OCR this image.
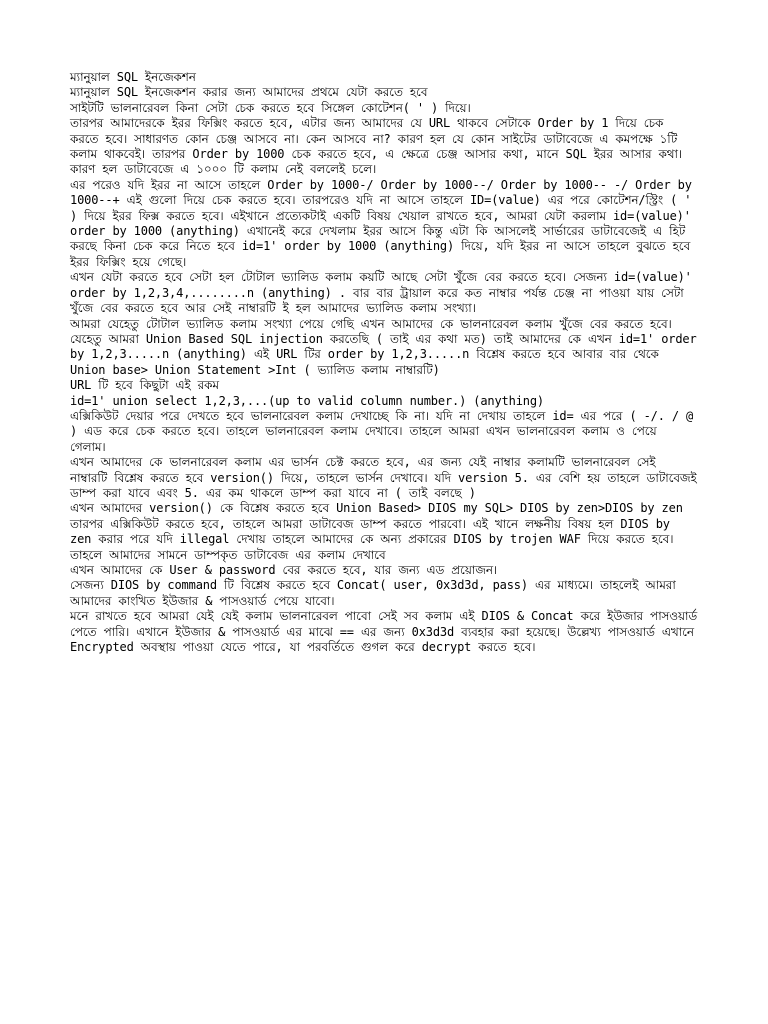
ম্যানুয়াল SQL ইনজেকশন

ম্যানুয়াল SQL ইনজেকশন করার জন্য আমাদের প্রথমে যেটা করতে হবে

সাইটটি ভালনারেবল কিনা সেটা চেক করতে হবে সিঙ্গেল কোটেশন( ' ) দিয়ে।

তারপর আমাদেরকে ইরর ফিক্সিং করতে হবে, এটার জন্য আমাদের যে URL থাকবে সেটাকে Order by 1 দিয়ে চেক করতে হবে। সাধারণত কোন চেঞ্জ আসবে না। কেন আসবে না? কারণ হল যে কোন সাইটের ডাটাবেজে এ কমপক্ষে ১টি কলাম থাকবেই। তারপর Order by 1000 চেক করতে হবে, এ ক্ষেত্রে চেঞ্জ আসার কথা, মানে SQL ইরর আসার কথা। কারণ হল ডাটাবেজে এ ১০০০ টি কলাম নেই বললেই চলে।

এর পরেও যদি ইরর না আসে তাহলে Order by 1000-/ Order by 1000--/ Order by 1000-- -/ Order by 1000--+ এই গুলো দিয়ে চেক করতে হবে। তারপরেও যদি না আসে তাহলে ID=(value) এর পরে কোটেশন/স্ট্রিং ( ' ) দিয়ে ইরর ফিক্স করতে হবে। এইখানে প্রত্যেকটাই একটি বিষয় খেয়াল রাখতে হবে, আমরা যেটা করলাম id=(value)' order by 1000 (anything) এখানেই করে দেখলাম ইরর আসে কিন্তু এটা কি আসলেই সার্ভারের ডাটাবেজেই এ হিট করছে কিনা চেক করে নিতে হবে id=1' order by 1000 (anything) দিয়ে, যদি ইরর না আসে তাহলে বুঝতে হবে ইরর ফিক্সিং হয়ে গেছে।

এখন যেটা করতে হবে সেটা হল টোটাল ভ্যালিড কলাম কয়টি আছে সেটা খুঁজে বের করতে হবে। সেজন্য id=(value)' order by 1,2,3,4,........n (anything) . বার বার ট্রায়াল করে কত নাম্বার পর্যন্ত চেঞ্জ না পাওয়া যায় সেটা খুঁজে বের করতে হবে আর সেই নাম্বারটি ই হল আমাদের ভ্যালিড কলাম সংখ্যা।

আমরা যেহেতু টোটাল ভ্যালিড কলাম সংখ্যা পেয়ে গেছি এখন আমাদের কে ভালনারেবল কলাম খুঁজে বের করতে হবে। যেহেতু আমরা Union Based SQL injection করতেছি ( তাই এর কথা মত) তাই আমাদের কে এখন id=1' order by 1,2,3.....n (anything) এই URL টির order by 1,2,3.....n বিশ্লেষ করতে হবে আবার বার থেকে Union base> Union Statement >Int ( ভ্যালিড কলাম নাম্বারটি)

URL টি হবে কিছুটা এই রকম

id=1' union select 1,2,3,...(up to valid column number.) (anything)

এক্সিকিউট দেয়ার পরে দেখতে হবে ভালনারেবল কলাম দেখাচ্ছে কি না। যদি না দেখায় তাহলে id= এর পরে ( -/. / @ ) এড করে চেক করতে হবে। তাহলে ভালনারেবল কলাম দেখাবে। তাহলে আমরা এখন ভালনারেবল কলাম ও পেয়ে গেলাম।

এখন আমাদের কে ভালনারেবল কলাম এর ভার্সন চেক্ট করতে হবে, এর জন্য যেই নাম্বার কলামটি ভালনারেবল সেই নাম্বারটি বিশ্লেষ করতে হবে version() দিয়ে, তাহলে ভার্সন দেখাবে। যদি version 5. এর বেশি হয় তাহলে ডাটাবেজই ডাম্প করা যাবে এবং 5. এর কম থাকলে ডাম্প করা যাবে না ( তাই বলছে )

এখন আমাদের version() কে বিশ্লেষ করতে হবে Union Based> DIOS my SQL> DIOS by zen>DIOS by zen তারপর এক্সিকিউট করতে হবে, তাহলে আমরা ডাটাবেজ ডাম্প করতে পারবো। এই খানে লক্ষনীয় বিষয় হল DIOS by zen করার পরে যদি illegal দেখায় তাহলে আমাদের কে অন্য প্রকারের DIOS by trojen WAF দিয়ে করতে হবে। তাহলে আমাদের সামনে ডাম্পকৃত ডাটাবেজ এর কলাম দেখাবে

এখন আমাদের কে User & password বের করতে হবে, যার জন্য এড প্রয়োজন।

সেজন্য DIOS by command টি বিশ্লেষ করতে হবে Concat( user, 0x3d3d, pass) এর মাধ্যমে। তাহলেই আমরা আমাদের কাংখিত ইউজার & পাসওয়ার্ড পেয়ে যাবো।

মনে রাখতে হবে আমরা যেই যেই কলাম ভালনারেবল পাবো সেই সব কলাম এই DIOS & Concat করে ইউজার পাসওয়ার্ড পেতে পারি। এখানে ইউজার & পাসওয়ার্ড এর মাঝে == এর জন্য 0x3d3d ব্যবহার করা হয়েছে। উল্লেখ্য পাসওয়ার্ড এখানে Encrypted অবস্থায় পাওয়া যেতে পারে, যা পরবর্তিতে গুগল করে decrypt করতে হবে।
